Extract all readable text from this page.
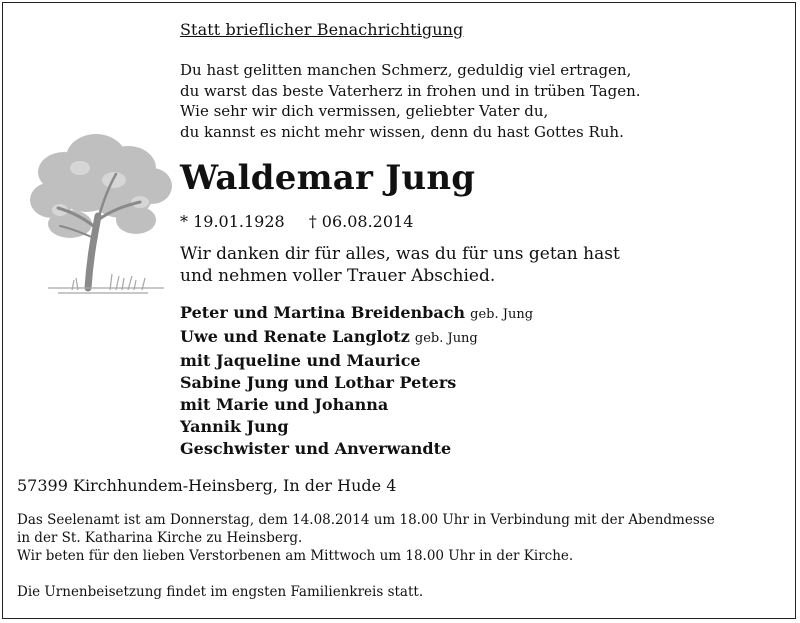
Statt brieflicher Benachrichtigung
Du hast gelitten manchen Schmerz, geduldig viel ertragen,
du warst das beste Vaterherz in frohen und in trüben Tagen.
Wie sehr wir dich vermissen, geliebter Vater du,
du kannst es nicht mehr wissen, denn du hast Gottes Ruh.
Waldemar Jung
* 19.01.1928 † 06.08.2014
Wir danken dir für alles, was du für uns getan hast
und nehmen voller Trauer Abschied.
Peter und Martina Breidenbach geb. Jung
Uwe und Renate Langlotz geb. Jung
mit Jaqueline und Maurice
Sabine Jung und Lothar Peters
mit Marie und Johanna
Yannik Jung
Geschwister und Anverwandte
57399 Kirchhundem-Heinsberg, In der Hude 4
Das Seelenamt ist am Donnerstag, dem 14.08.2014 um 18.00 Uhr in Verbindung mit der Abendmesse
in der St. Katharina Kirche zu Heinsberg.
Wir beten für den lieben Verstorbenen am Mittwoch um 18.00 Uhr in der Kirche.
Die Urnenbeisetzung findet im engsten Familienkreis statt.
